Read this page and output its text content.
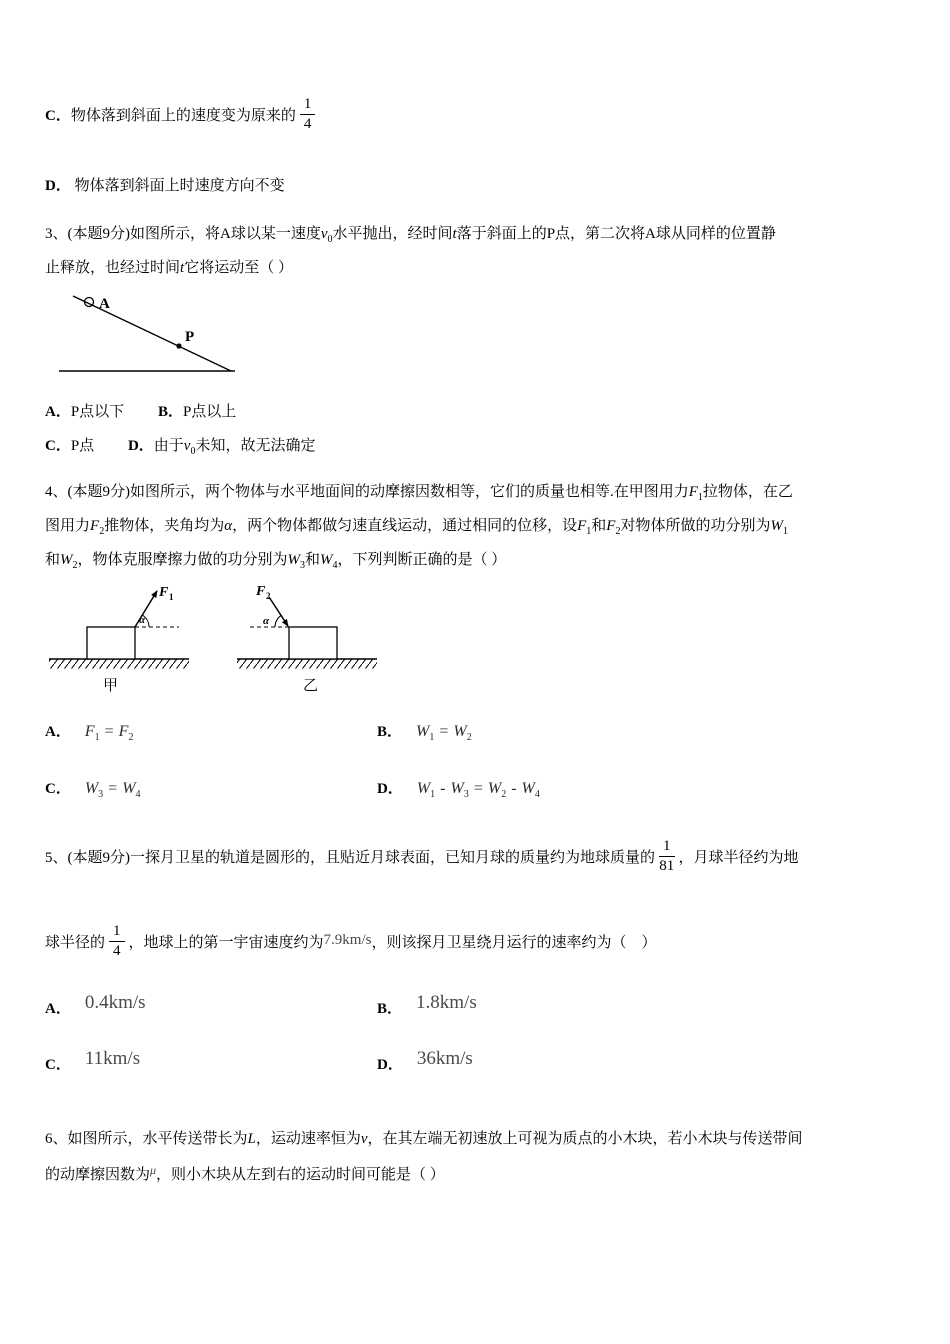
C． 物体落到斜面上的速度变为原来的 $\frac{1}{4}$
D． 物体落到斜面上时速度方向不变
3、(本题9分)如图所示，将A球以某一速度$v_0$水平抛出，经时间t落于斜面上的P点，第二次将A球从同样的位置静
止释放，也经过时间t它将运动至（ ）
A
P
A．P点以下 B．P点以上
C．P点 D．由于$v_0$未知，故无法确定
4、(本题9分)如图所示，两个物体与水平地面间的动摩擦因数相等，它们的质量也相等.在甲图用力$F_1$拉物体，在乙
图用力$F_2$推物体，夹角均为α，两个物体都做匀速直线运动，通过相同的位移，设$F_1$和$F_2$对物体所做的功分别为$W_1$
和$W_2$，物体克服摩擦力做的功分别为$W_3$和$W_4$，下列判断正确的是（ ）
F 1
α
甲
F 2
α
乙
A． $F_1 = F_2$	B． $W_1 = W_2$
C． $W_3 = W_4$	D． $W_1 - W_3 = W_2 - W_4$
5、(本题9分)一探月卫星的轨道是圆形的，且贴近月球表面，已知月球的质量约为地球质量的 $\frac{1}{81}$ ，月球半径约为地
球半径的 $\frac{1}{4}$ ，地球上的第一宇宙速度约为 7.9km/s ，则该探月卫星绕月运行的速率约为（　）
A． 0.4km/s	B． 1.8km/s
C． 11km/s	D． 36km/s
6、如图所示，水平传送带长为L，运动速率恒为v，在其左端无初速放上可视为质点的小木块，若小木块与传送带间
的动摩擦因数为$^\mu$，则小木块从左到右的运动时间可能是（ ）
